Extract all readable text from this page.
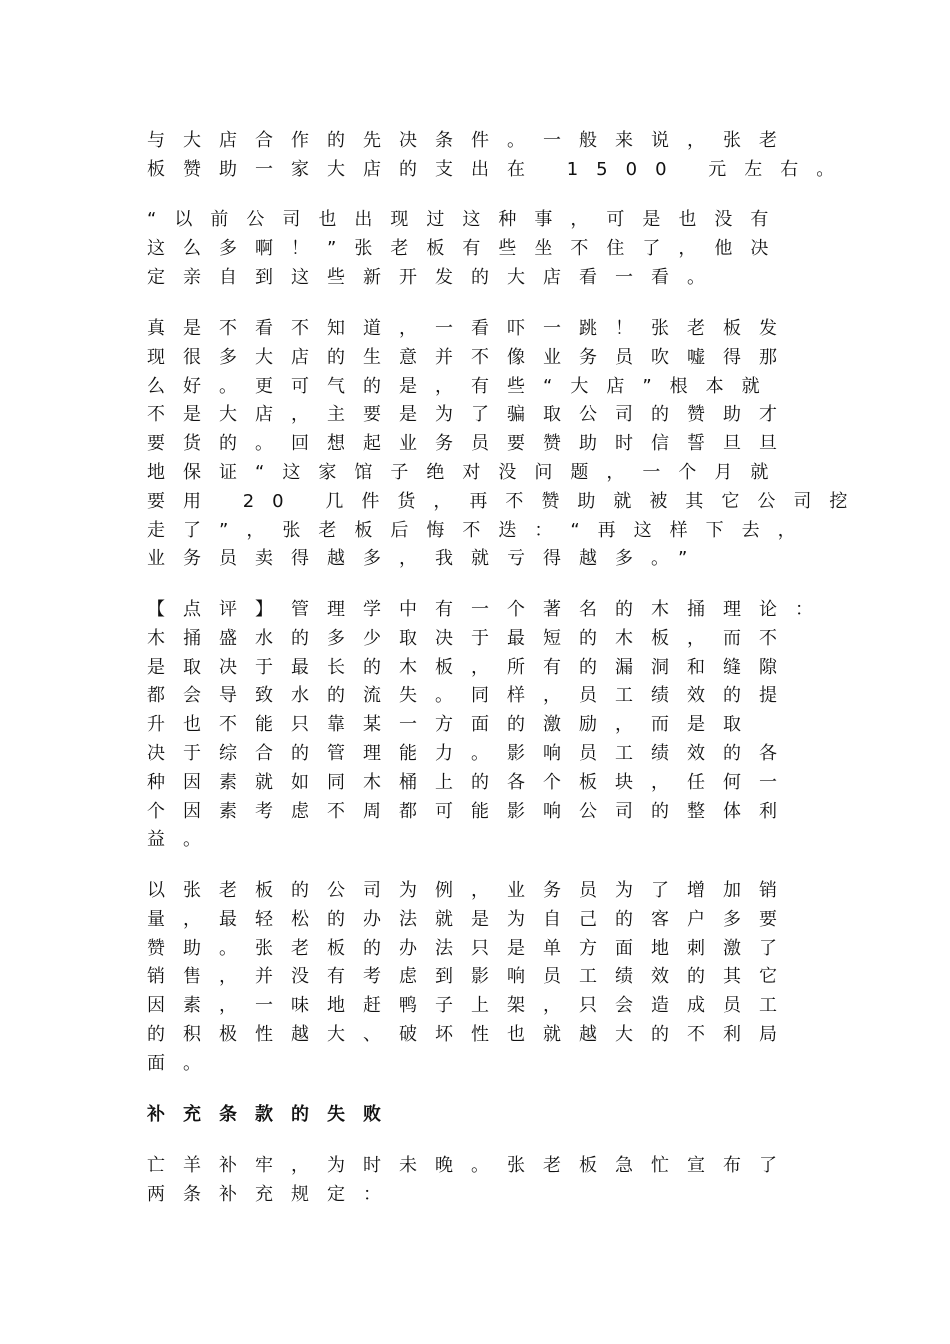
与大店合作的先决条件。一般来说，张老
板赞助一家大店的支出在 1500 元左右。

“以前公司也出现过这种事，可是也没有
这么多啊！”张老板有些坐不住了，他决
定亲自到这些新开发的大店看一看。

真是不看不知道，一看吓一跳！张老板发
现很多大店的生意并不像业务员吹嘘得那
么好。更可气的是，有些“大店”根本就
不是大店，主要是为了骗取公司的赞助才
要货的。回想起业务员要赞助时信誓旦旦
地保证“这家馆子绝对没问题，一个月就
要用 20 几件货，再不赞助就被其它公司挖
走了”，张老板后悔不迭：“再这样下去，
业务员卖得越多，我就亏得越多。”

【点评】管理学中有一个著名的木捅理论：
木捅盛水的多少取决于最短的木板，而不
是取决于最长的木板，所有的漏洞和缝隙
都会导致水的流失。同样，员工绩效的提
升也不能只靠某一方面的激励，而是取
决于综合的管理能力。影响员工绩效的各
种因素就如同木桶上的各个板块，任何一
个因素考虑不周都可能影响公司的整体利
益。

以张老板的公司为例，业务员为了增加销
量，最轻松的办法就是为自己的客户多要
赞助。张老板的办法只是单方面地刺激了
销售，并没有考虑到影响员工绩效的其它
因素，一味地赶鸭子上架，只会造成员工
的积极性越大、破坏性也就越大的不利局
面。

补充条款的失败

亡羊补牢，为时未晚。张老板急忙宣布了
两条补充规定：
